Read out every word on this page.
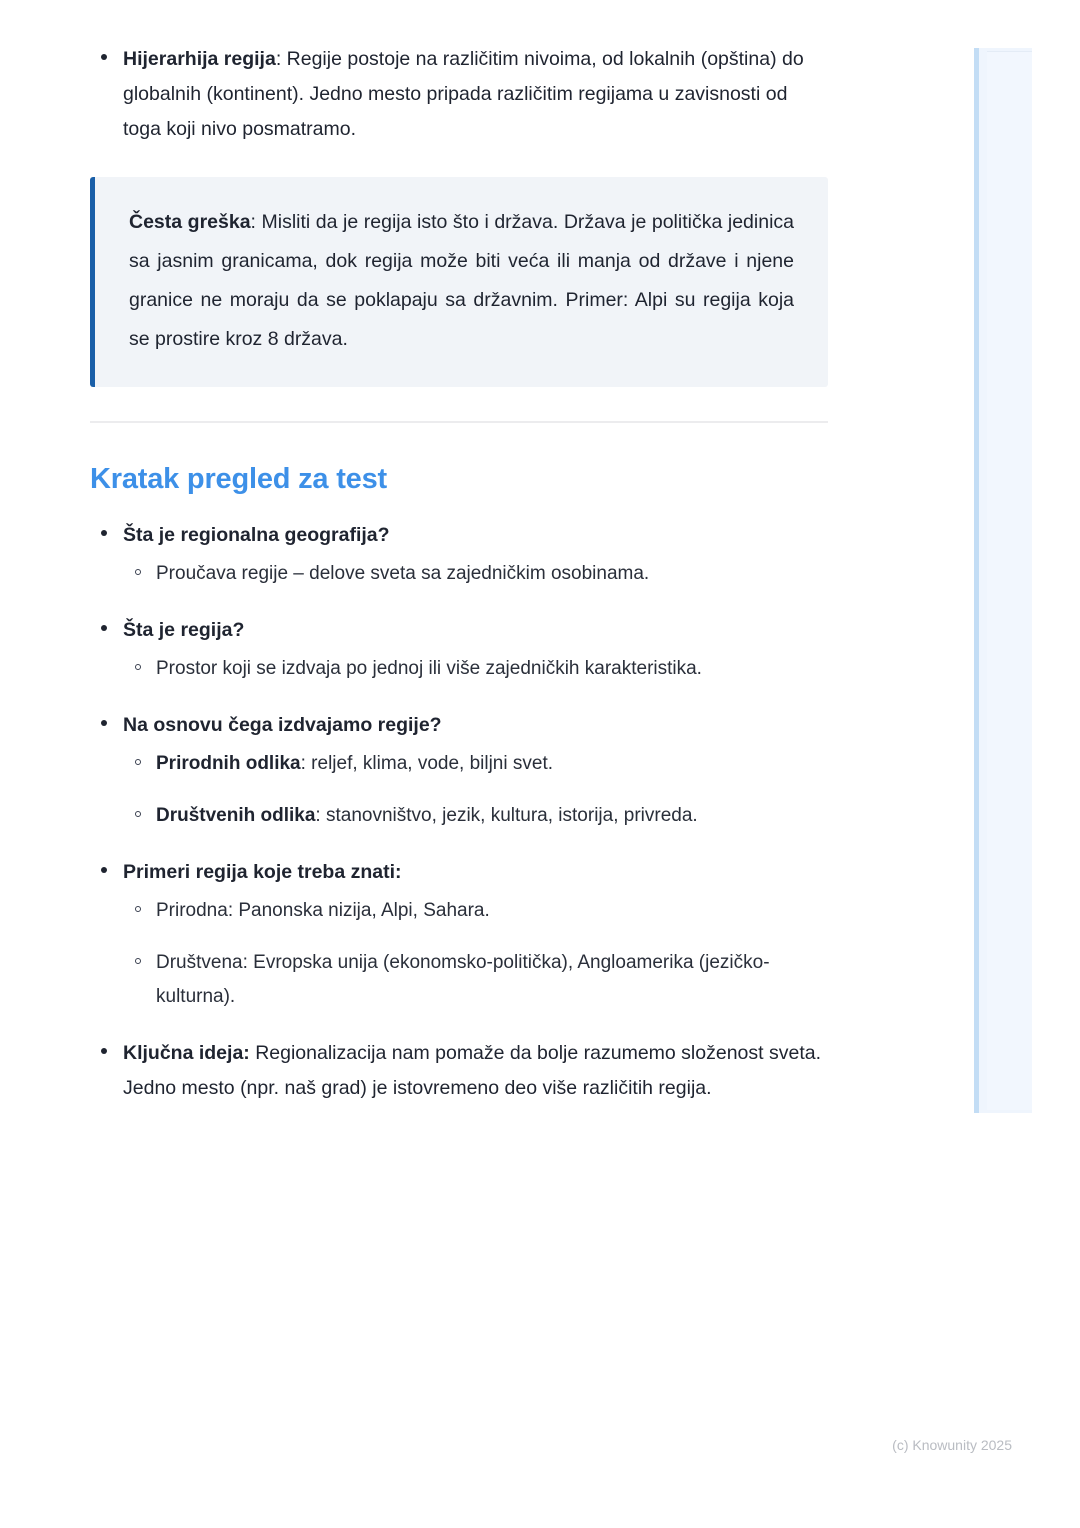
Hijerarhija regija: Regije postoje na različitim nivoima, od lokalnih (opština) do globalnih (kontinent). Jedno mesto pripada različitim regijama u zavisnosti od toga koji nivo posmatramo.

Česta greška: Misliti da je regija isto što i država. Država je politička jedinica sa jasnim granicama, dok regija može biti veća ili manja od države i njene granice ne moraju da se poklapaju sa državnim. Primer: Alpi su regija koja se prostire kroz 8 država.

Kratak pregled za test
Šta je regionalna geografija?
Proučava regije – delove sveta sa zajedničkim osobinama.
Šta je regija?
Prostor koji se izdvaja po jednoj ili više zajedničkih karakteristika.
Na osnovu čega izdvajamo regije?
Prirodnih odlika: reljef, klima, vode, biljni svet.
Društvenih odlika: stanovništvo, jezik, kultura, istorija, privreda.
Primeri regija koje treba znati:
Prirodna: Panonska nizija, Alpi, Sahara.
Društvena: Evropska unija (ekonomsko-politička), Angloamerika (jezičko-kulturna).
Ključna ideja: Regionalizacija nam pomaže da bolje razumemo složenost sveta. Jedno mesto (npr. naš grad) je istovremeno deo više različitih regija.
(c) Knowunity 2025
